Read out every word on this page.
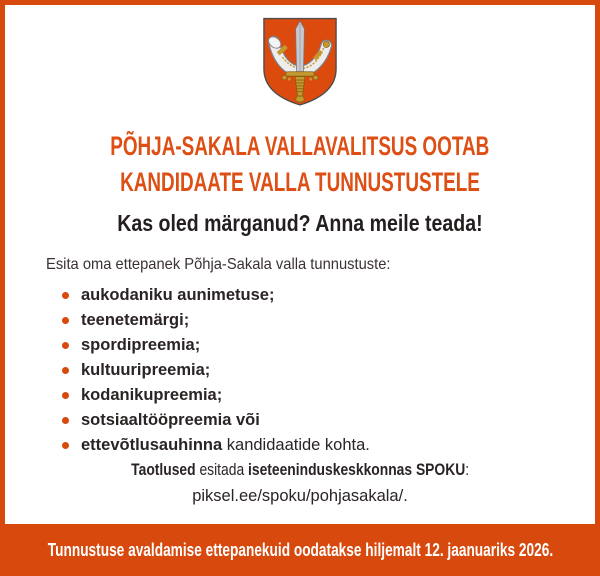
PÕHJA-SAKALA VALLAVALITSUS OOTAB
KANDIDAATE VALLA TUNNUSTUSTELE
Kas oled märganud? Anna meile teada!
Esita oma ettepanek Põhja-Sakala valla tunnustuste:
aukodaniku aunimetuse;
teenetemärgi;
spordipreemia;
kultuuripreemia;
kodanikupreemia;
sotsiaaltööpreemia või
ettevõtlusauhinna kandidaatide kohta.
Taotlused esitada iseteeninduskeskkonnas SPOKU:
piksel.ee/spoku/pohjasakala/.
Tunnustuse avaldamise ettepanekuid oodatakse hiljemalt 12. jaanuariks 2026.
